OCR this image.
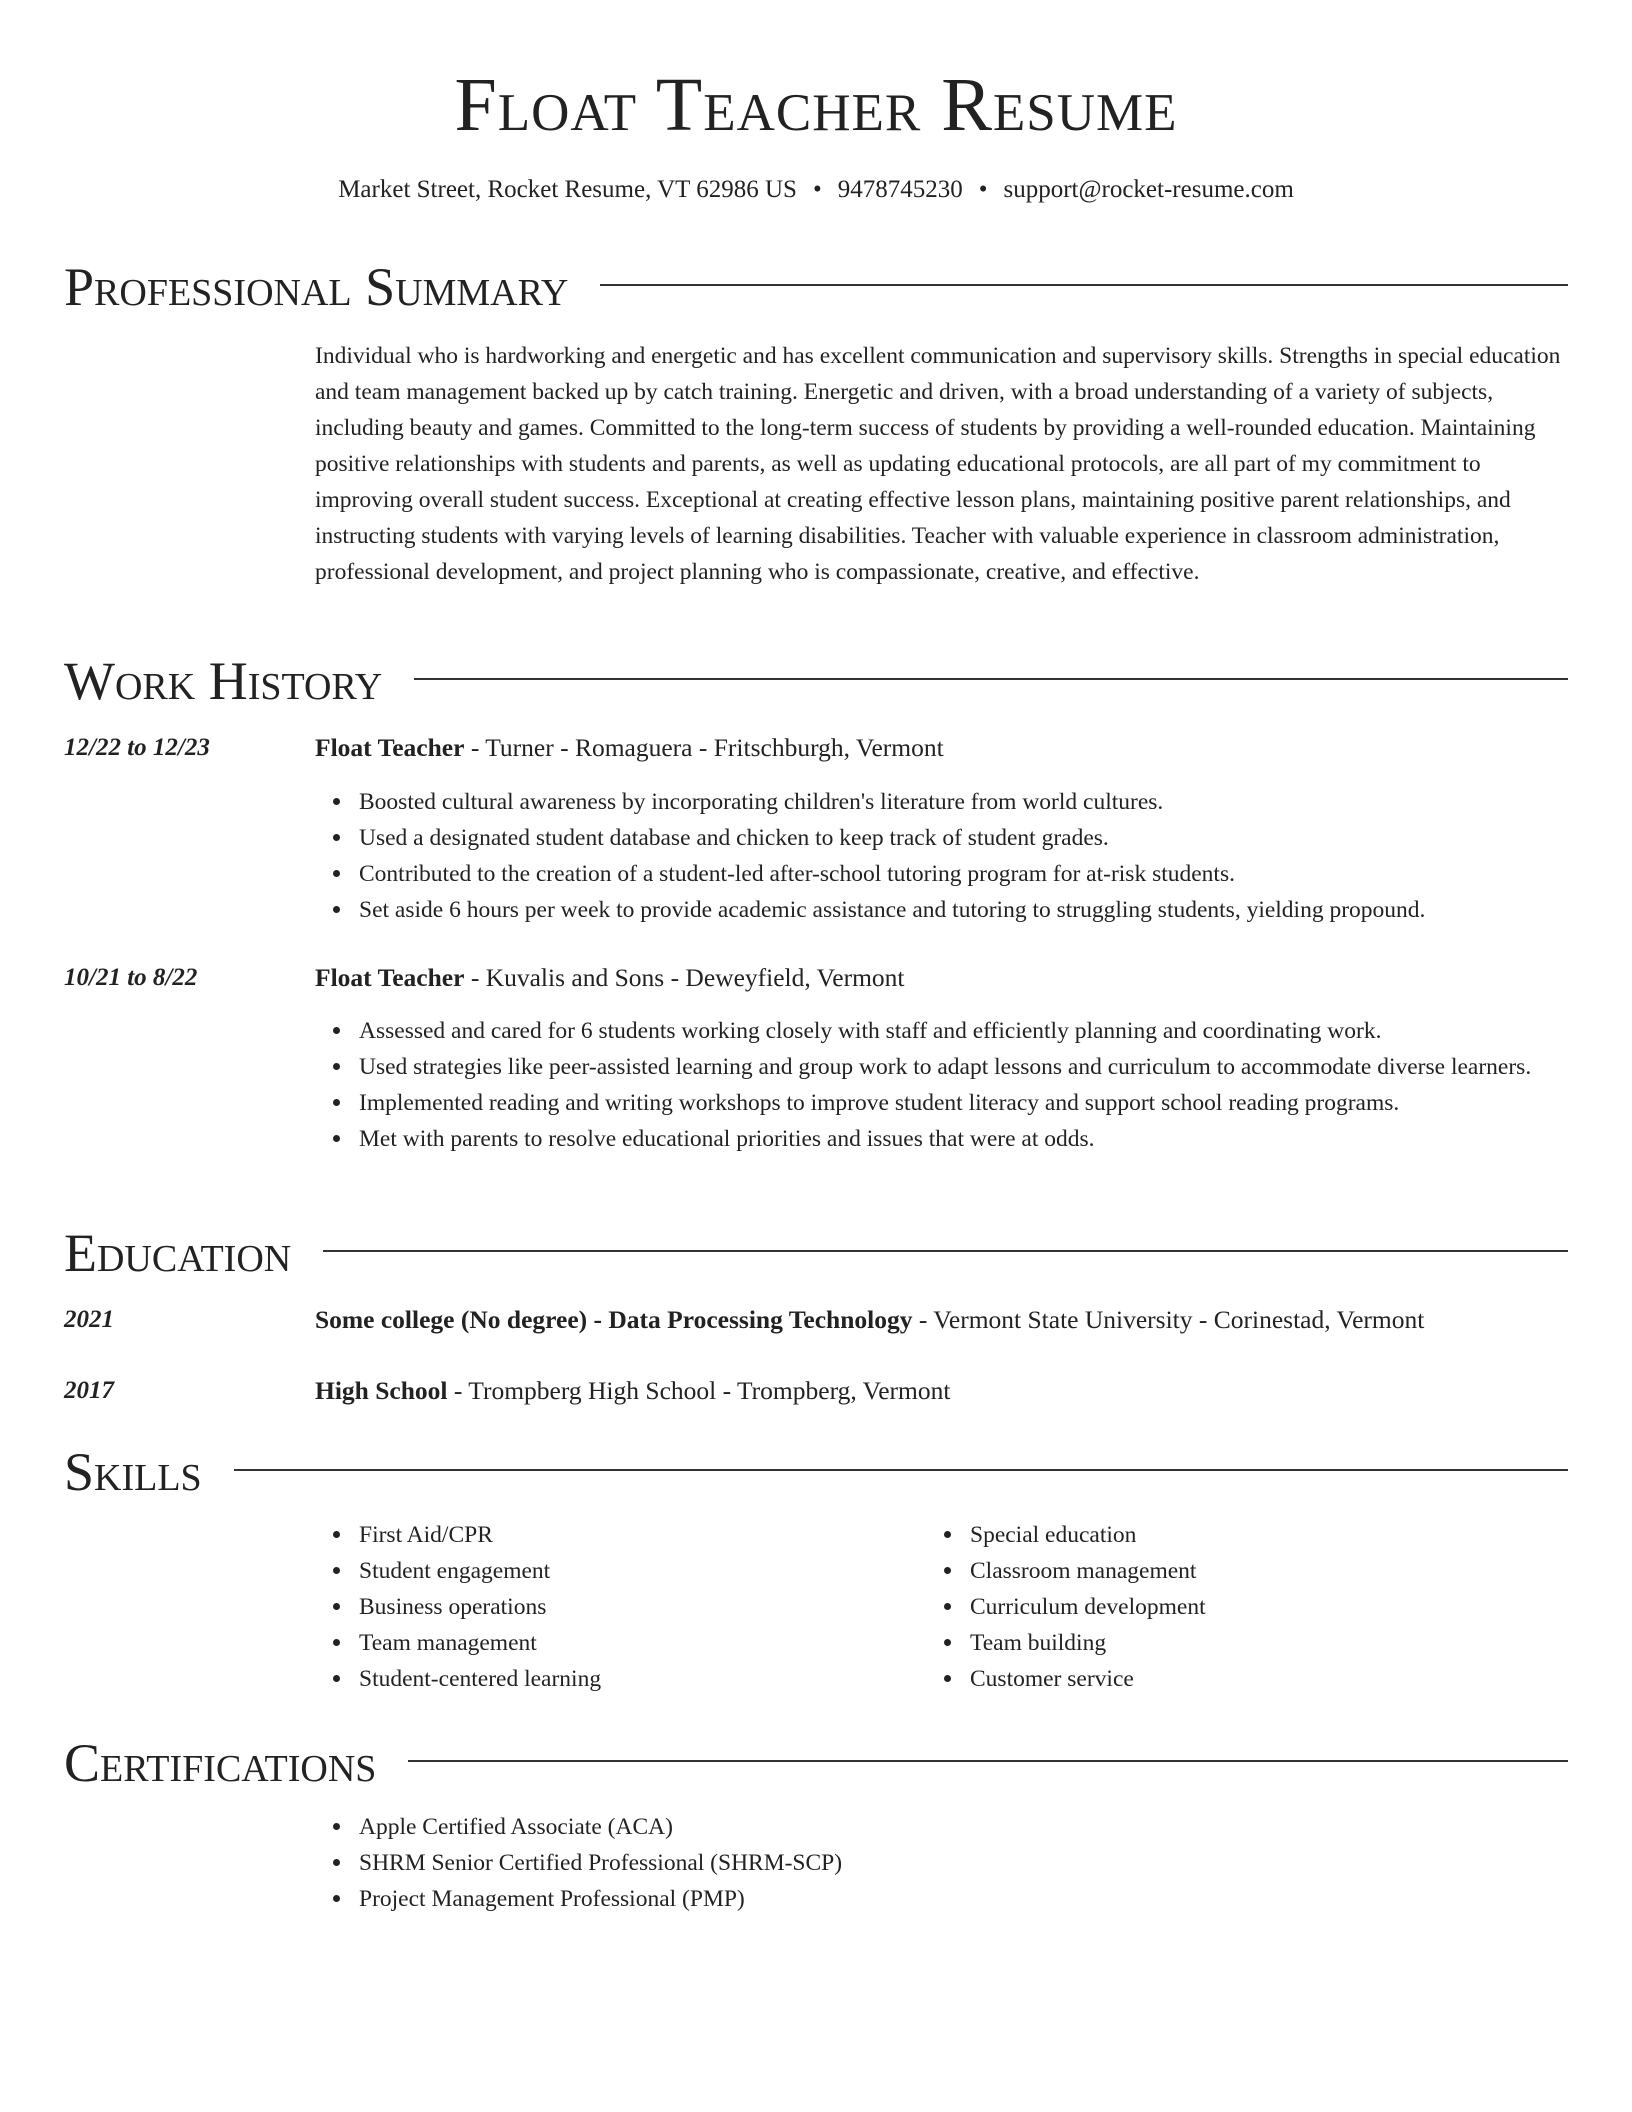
Float Teacher Resume
Market Street, Rocket Resume, VT 62986 US • 9478745230 • support@rocket-resume.com
Professional Summary
Individual who is hardworking and energetic and has excellent communication and supervisory skills. Strengths in special education and team management backed up by catch training. Energetic and driven, with a broad understanding of a variety of subjects, including beauty and games. Committed to the long-term success of students by providing a well-rounded education. Maintaining positive relationships with students and parents, as well as updating educational protocols, are all part of my commitment to improving overall student success. Exceptional at creating effective lesson plans, maintaining positive parent relationships, and instructing students with varying levels of learning disabilities. Teacher with valuable experience in classroom administration, professional development, and project planning who is compassionate, creative, and effective.
Work History
12/22 to 12/23	Float Teacher - Turner - Romaguera - Fritschburgh, Vermont
Boosted cultural awareness by incorporating children's literature from world cultures.
Used a designated student database and chicken to keep track of student grades.
Contributed to the creation of a student-led after-school tutoring program for at-risk students.
Set aside 6 hours per week to provide academic assistance and tutoring to struggling students, yielding propound.
10/21 to 8/22	Float Teacher - Kuvalis and Sons - Deweyfield, Vermont
Assessed and cared for 6 students working closely with staff and efficiently planning and coordinating work.
Used strategies like peer-assisted learning and group work to adapt lessons and curriculum to accommodate diverse learners.
Implemented reading and writing workshops to improve student literacy and support school reading programs.
Met with parents to resolve educational priorities and issues that were at odds.
Education
2021	Some college (No degree) - Data Processing Technology - Vermont State University - Corinestad, Vermont
2017	High School - Trompberg High School - Trompberg, Vermont
Skills
First Aid/CPR
Student engagement
Business operations
Team management
Student-centered learning
Special education
Classroom management
Curriculum development
Team building
Customer service
Certifications
Apple Certified Associate (ACA)
SHRM Senior Certified Professional (SHRM-SCP)
Project Management Professional (PMP)
